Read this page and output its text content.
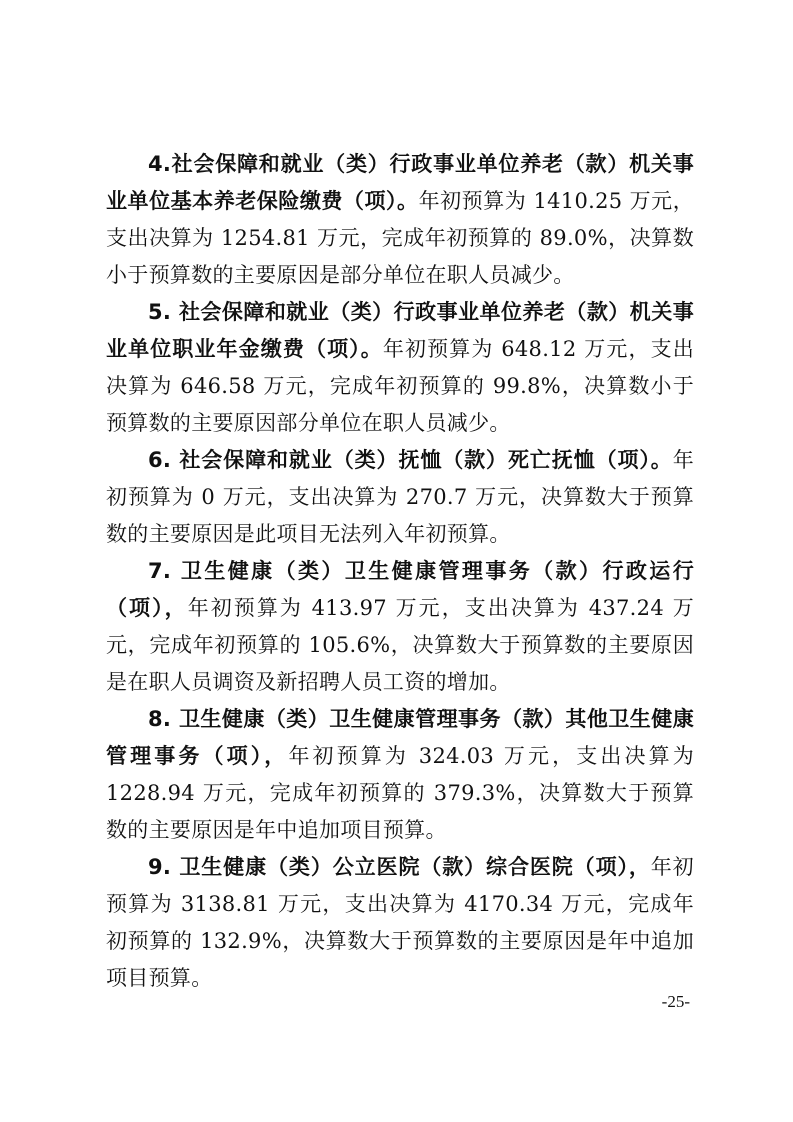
4.社会保障和就业（类）行政事业单位养老（款）机关事业单位基本养老保险缴费（项）。年初预算为 1410.25 万元，支出决算为 1254.81 万元，完成年初预算的 89.0%，决算数小于预算数的主要原因是部分单位在职人员减少。

5. 社会保障和就业（类）行政事业单位养老（款）机关事业单位职业年金缴费（项）。年初预算为 648.12 万元，支出决算为 646.58 万元，完成年初预算的 99.8%，决算数小于预算数的主要原因部分单位在职人员减少。

6. 社会保障和就业（类）抚恤（款）死亡抚恤（项）。年初预算为 0 万元，支出决算为 270.7 万元，决算数大于预算数的主要原因是此项目无法列入年初预算。

7. 卫生健康（类）卫生健康管理事务（款）行政运行（项），年初预算为 413.97 万元，支出决算为 437.24 万元，完成年初预算的 105.6%，决算数大于预算数的主要原因是在职人员调资及新招聘人员工资的增加。

8. 卫生健康（类）卫生健康管理事务（款）其他卫生健康管理事务（项），年初预算为 324.03 万元，支出决算为 1228.94 万元，完成年初预算的 379.3%，决算数大于预算数的主要原因是年中追加项目预算。

9. 卫生健康（类）公立医院（款）综合医院（项），年初预算为 3138.81 万元，支出决算为 4170.34 万元，完成年初预算的 132.9%，决算数大于预算数的主要原因是年中追加项目预算。

-25-
